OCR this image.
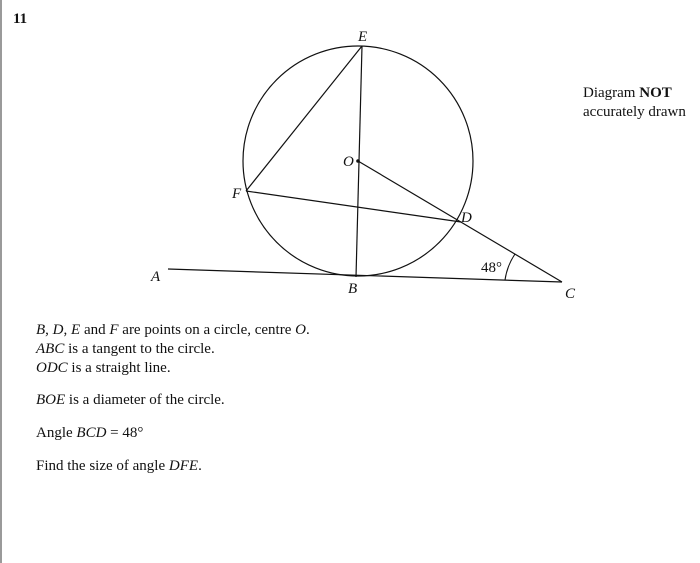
11
E
O
F
D
A
B	C
48°
Diagram NOT
accurately drawn
B, D, E and F are points on a circle, centre O.
ABC is a tangent to the circle.
ODC is a straight line.
BOE is a diameter of the circle.
Angle BCD = 48°
Find the size of angle DFE.
